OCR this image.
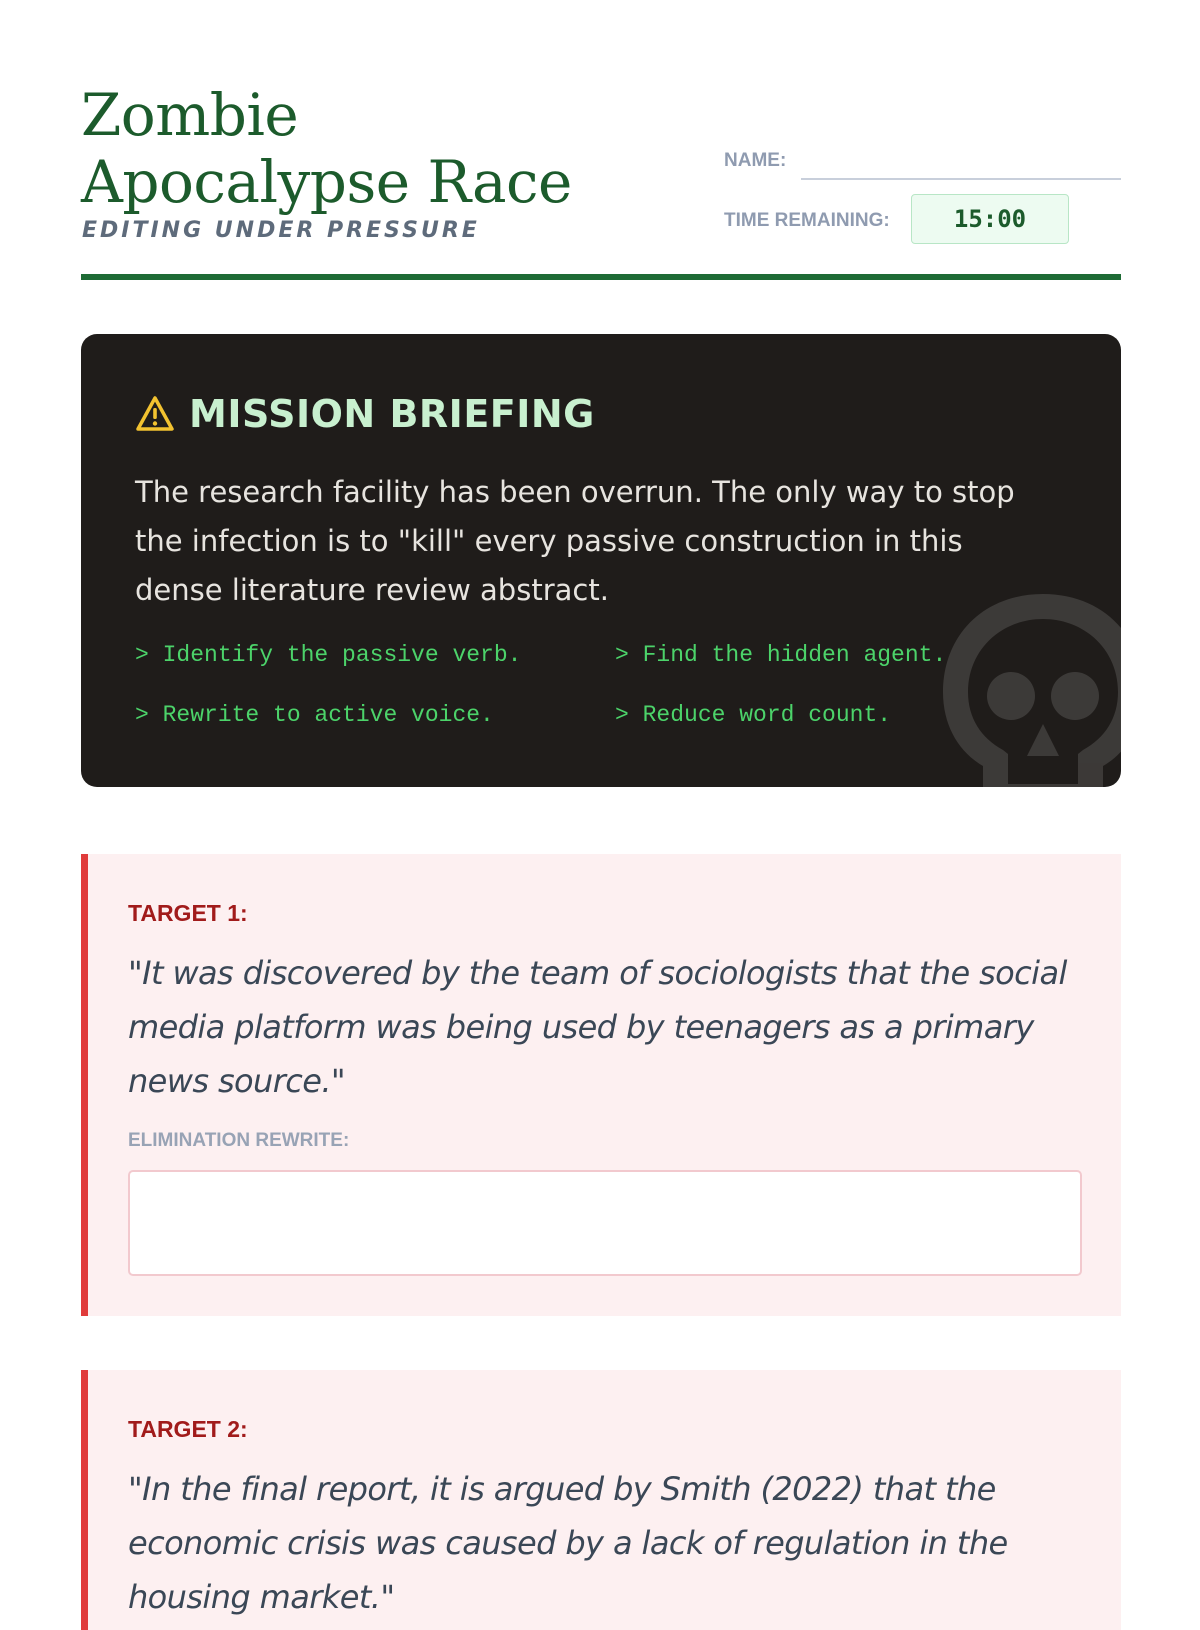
Zombie Apocalypse Race
EDITING UNDER PRESSURE
NAME:
TIME REMAINING:	15:00
MISSION BRIEFING
The research facility has been overrun. The only way to stop the infection is to "kill" every passive construction in this dense literature review abstract.
> Identify the passive verb.	> Find the hidden agent.
> Rewrite to active voice.	> Reduce word count.
TARGET 1:
"It was discovered by the team of sociologists that the social media platform was being used by teenagers as a primary news source."
ELIMINATION REWRITE:
TARGET 2:
"In the final report, it is argued by Smith (2022) that the economic crisis was caused by a lack of regulation in the housing market."
